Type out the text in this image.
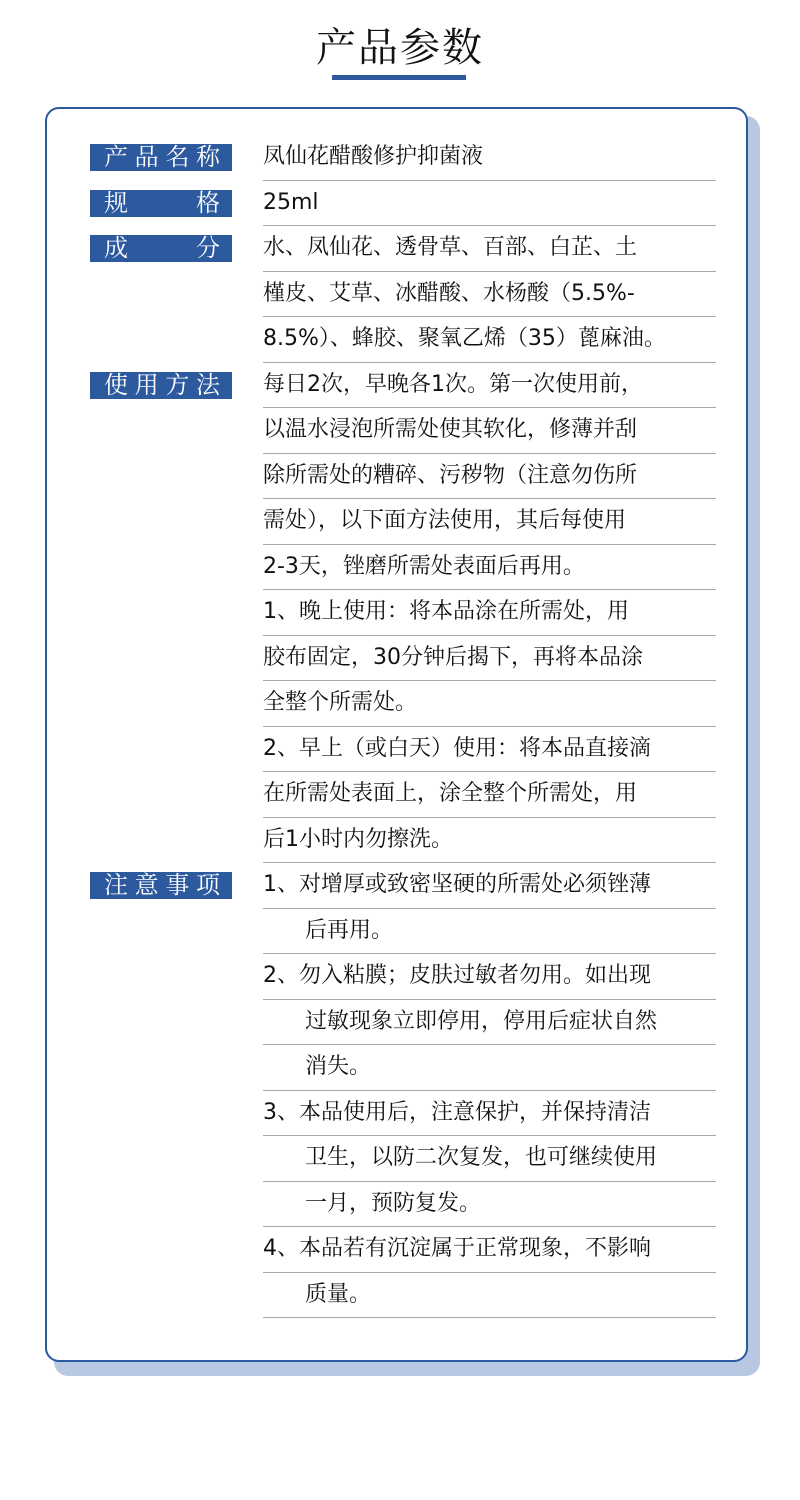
产品参数
产品名称	凤仙花醋酸修护抑菌液
规格	25ml
成分	水、凤仙花、透骨草、百部、白芷、土
槿皮、艾草、冰醋酸、水杨酸（5.5%-
8.5%）、蜂胶、聚氧乙烯（35）蓖麻油。
使用方法	每日2次，早晚各1次。第一次使用前，
以温水浸泡所需处使其软化，修薄并刮
除所需处的糟碎、污秽物（注意勿伤所
需处），以下面方法使用，其后每使用
2-3天，锉磨所需处表面后再用。
1、晚上使用：将本品涂在所需处，用
胶布固定，30分钟后揭下，再将本品涂
全整个所需处。
2、早上（或白天）使用：将本品直接滴
在所需处表面上，涂全整个所需处，用
后1小时内勿擦洗。
注意事项	1、对增厚或致密坚硬的所需处必须锉薄
后再用。
2、勿入粘膜；皮肤过敏者勿用。如出现
过敏现象立即停用，停用后症状自然
消失。
3、本品使用后，注意保护，并保持清洁
卫生，以防二次复发，也可继续使用
一月，预防复发。
4、本品若有沉淀属于正常现象，不影响
质量。
